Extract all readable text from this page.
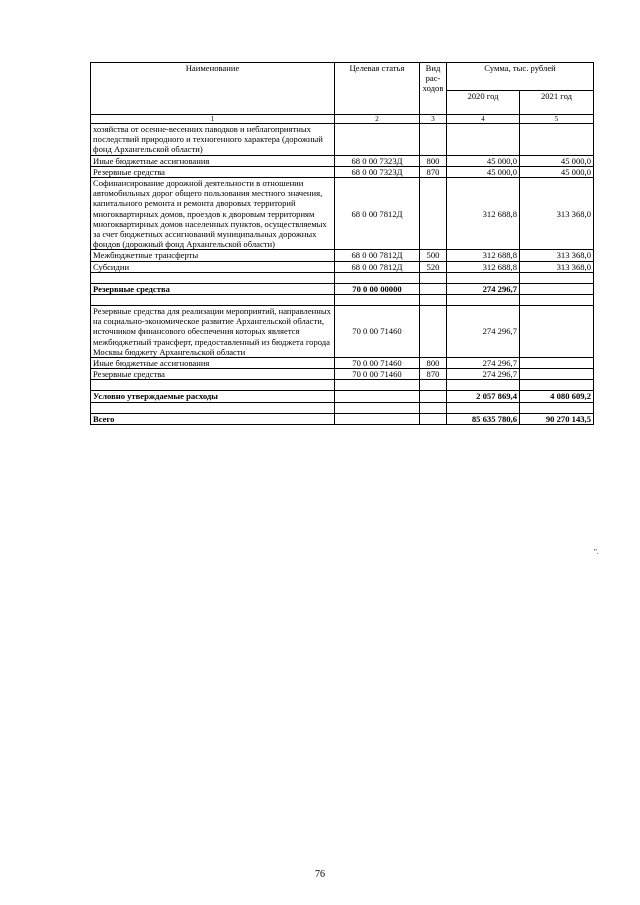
Наименование	Целевая статья	Вид рас-ходов	Сумма, тыс. рублей	
			2020 год	2021 год
1	2	3	4	5
хозяйства от осенне-весенних паводков и неблагоприятных последствий природного и техногенного характера (дорожный фонд Архангельской области)				
Иные бюджетные ассигнования	68 0 00 7323Д	800	45 000,0	45 000,0
Резервные средства	68 0 00 7323Д	870	45 000,0	45 000,0
Софинансирование дорожной деятельности в отношении автомобильных дорог общего пользования местного значения, капитального ремонта и ремонта дворовых территорий многоквартирных домов, проездов к дворовым территориям многоквартирных домов населенных пунктов, осуществляемых за счет бюджетных ассигнований муниципальных дорожных фондов (дорожный фонд Архангельской области)	68 0 00 7812Д		312 688,8	313 368,0
Межбюджетные трансферты	68 0 00 7812Д	500	312 688,8	313 368,0
Субсидии	68 0 00 7812Д	520	312 688,8	313 368,0

Резервные средства	70 0 00 00000		274 296,7	

Резервные средства для реализации мероприятий, направленных на социально-экономическое развитие Архангельской области, источником финансового обеспечения которых является межбюджетный трансферт, предоставленный из бюджета города Москвы бюджету Архангельской области	70 0 00 71460		274 296,7	
Иные бюджетные ассигнования	70 0 00 71460	800	274 296,7	
Резервные средства	70 0 00 71460	870	274 296,7	

Условно утверждаемые расходы			2 057 869,4	4 080 609,2

Всего			85 635 780,6	90 270 143,5
".
76
